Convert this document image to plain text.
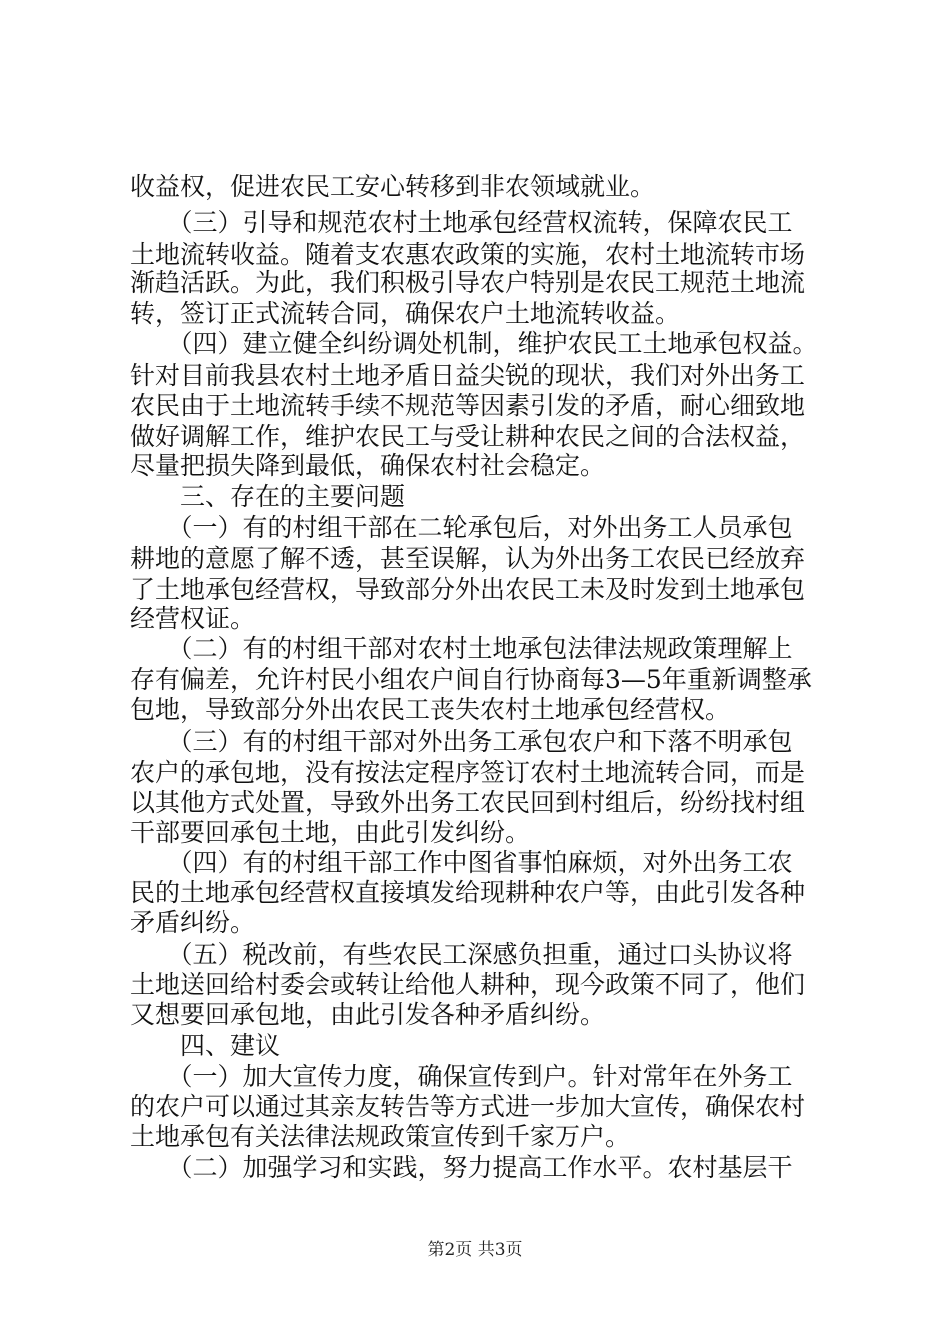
收益权，促进农民工安心转移到非农领域就业。
　　（三）引导和规范农村土地承包经营权流转，保障农民工
土地流转收益。随着支农惠农政策的实施，农村土地流转市场
渐趋活跃。为此，我们积极引导农户特别是农民工规范土地流
转，签订正式流转合同，确保农户土地流转收益。
　　（四）建立健全纠纷调处机制，维护农民工土地承包权益。
针对目前我县农村土地矛盾日益尖锐的现状，我们对外出务工
农民由于土地流转手续不规范等因素引发的矛盾，耐心细致地
做好调解工作，维护农民工与受让耕种农民之间的合法权益，
尽量把损失降到最低，确保农村社会稳定。
　　三、存在的主要问题
　　（一）有的村组干部在二轮承包后，对外出务工人员承包
耕地的意愿了解不透，甚至误解，认为外出务工农民已经放弃
了土地承包经营权，导致部分外出农民工未及时发到土地承包
经营权证。
　　（二）有的村组干部对农村土地承包法律法规政策理解上
存有偏差，允许村民小组农户间自行协商每3—5年重新调整承
包地，导致部分外出农民工丧失农村土地承包经营权。
　　（三）有的村组干部对外出务工承包农户和下落不明承包
农户的承包地，没有按法定程序签订农村土地流转合同，而是
以其他方式处置，导致外出务工农民回到村组后，纷纷找村组
干部要回承包土地，由此引发纠纷。
　　（四）有的村组干部工作中图省事怕麻烦，对外出务工农
民的土地承包经营权直接填发给现耕种农户等，由此引发各种
矛盾纠纷。
　　（五）税改前，有些农民工深感负担重，通过口头协议将
土地送回给村委会或转让给他人耕种，现今政策不同了，他们
又想要回承包地，由此引发各种矛盾纠纷。
　　四、建议
　　（一）加大宣传力度，确保宣传到户。针对常年在外务工
的农户可以通过其亲友转告等方式进一步加大宣传，确保农村
土地承包有关法律法规政策宣传到千家万户。
　　（二）加强学习和实践，努力提高工作水平。农村基层干
第2页 共3页
